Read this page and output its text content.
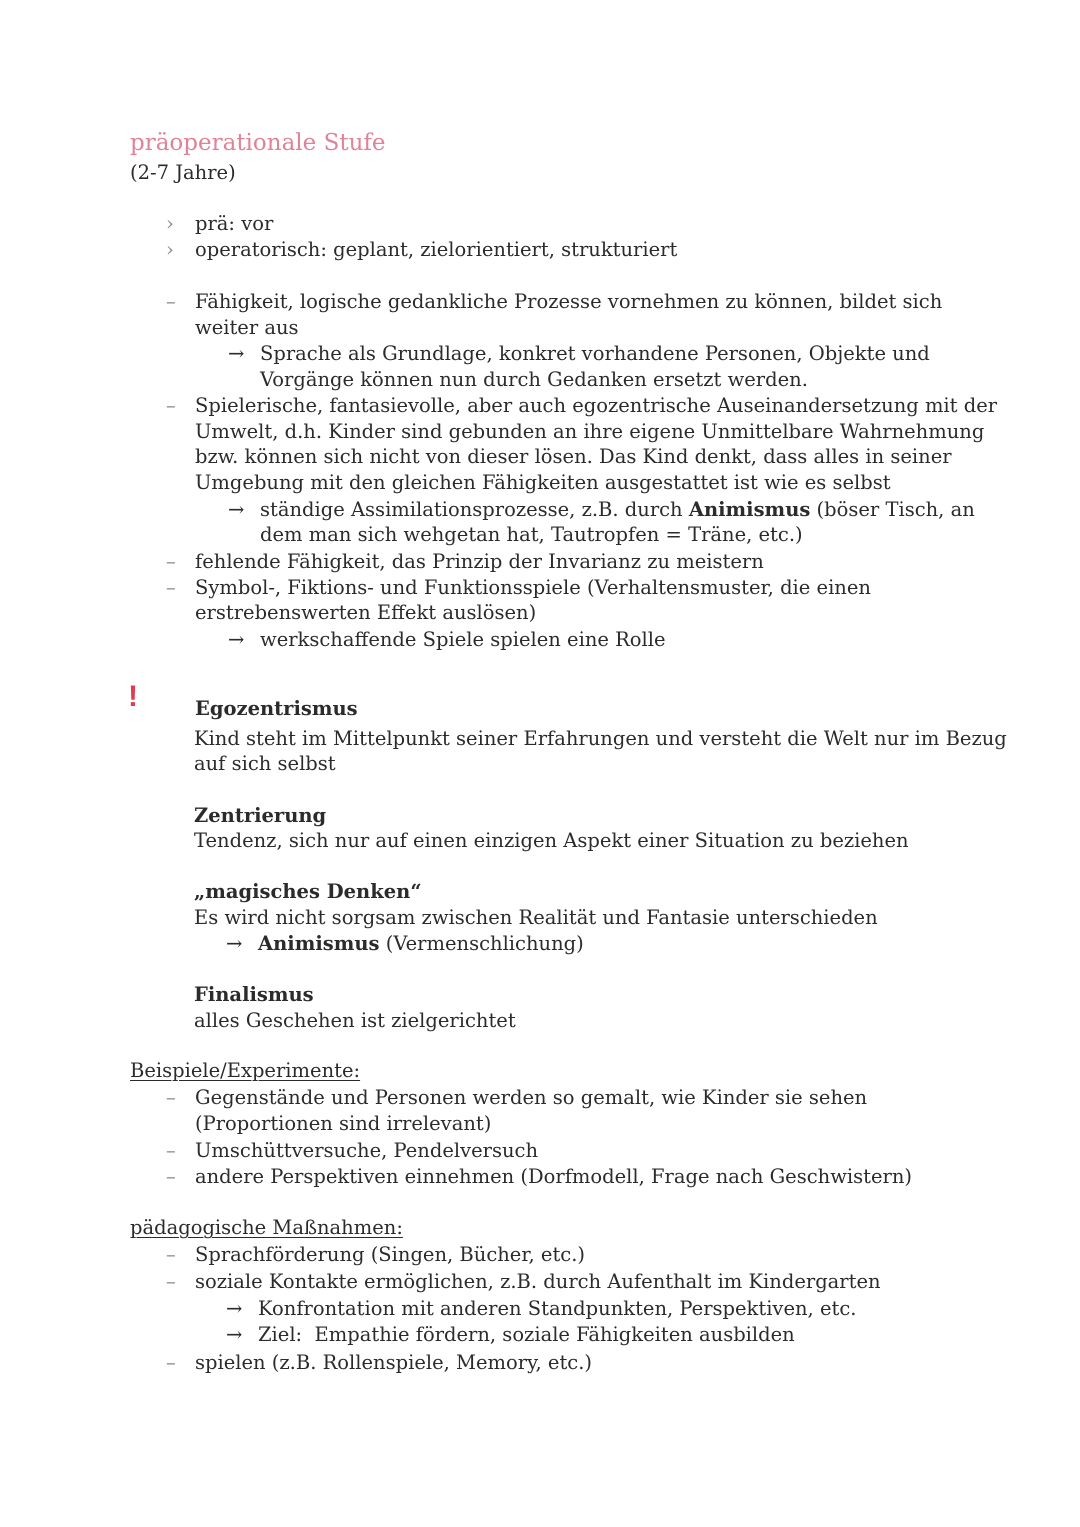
präoperationale Stufe
(2-7 Jahre)
›	prä: vor
›	operatorisch: geplant, zielorientiert, strukturiert
– Fähigkeit, logische gedankliche Prozesse vornehmen zu können, bildet sich
weiter aus
→ Sprache als Grundlage, konkret vorhandene Personen, Objekte und
Vorgänge können nun durch Gedanken ersetzt werden.
– Spielerische, fantasievolle, aber auch egozentrische Auseinandersetzung mit der
Umwelt, d.h. Kinder sind gebunden an ihre eigene Unmittelbare Wahrnehmung
bzw. können sich nicht von dieser lösen. Das Kind denkt, dass alles in seiner
Umgebung mit den gleichen Fähigkeiten ausgestattet ist wie es selbst
→ ständige Assimilationsprozesse, z.B. durch Animismus (böser Tisch, an
dem man sich wehgetan hat, Tautropfen = Träne, etc.)
– fehlende Fähigkeit, das Prinzip der Invarianz zu meistern
– Symbol-, Fiktions- und Funktionsspiele (Verhaltensmuster, die einen
erstrebenswerten Effekt auslösen)
→ werkschaffende Spiele spielen eine Rolle
!	Egozentrismus
Kind steht im Mittelpunkt seiner Erfahrungen und versteht die Welt nur im Bezug
auf sich selbst
Zentrierung
Tendenz, sich nur auf einen einzigen Aspekt einer Situation zu beziehen
„magisches Denken“
Es wird nicht sorgsam zwischen Realität und Fantasie unterschieden
→ Animismus (Vermenschlichung)
Finalismus
alles Geschehen ist zielgerichtet
Beispiele/Experimente:
– Gegenstände und Personen werden so gemalt, wie Kinder sie sehen
(Proportionen sind irrelevant)
– Umschüttversuche, Pendelversuch
– andere Perspektiven einnehmen (Dorfmodell, Frage nach Geschwistern)
pädagogische Maßnahmen:
– Sprachförderung (Singen, Bücher, etc.)
– soziale Kontakte ermöglichen, z.B. durch Aufenthalt im Kindergarten
→ Konfrontation mit anderen Standpunkten, Perspektiven, etc.
→ Ziel:  Empathie fördern, soziale Fähigkeiten ausbilden
– spielen (z.B. Rollenspiele, Memory, etc.)
